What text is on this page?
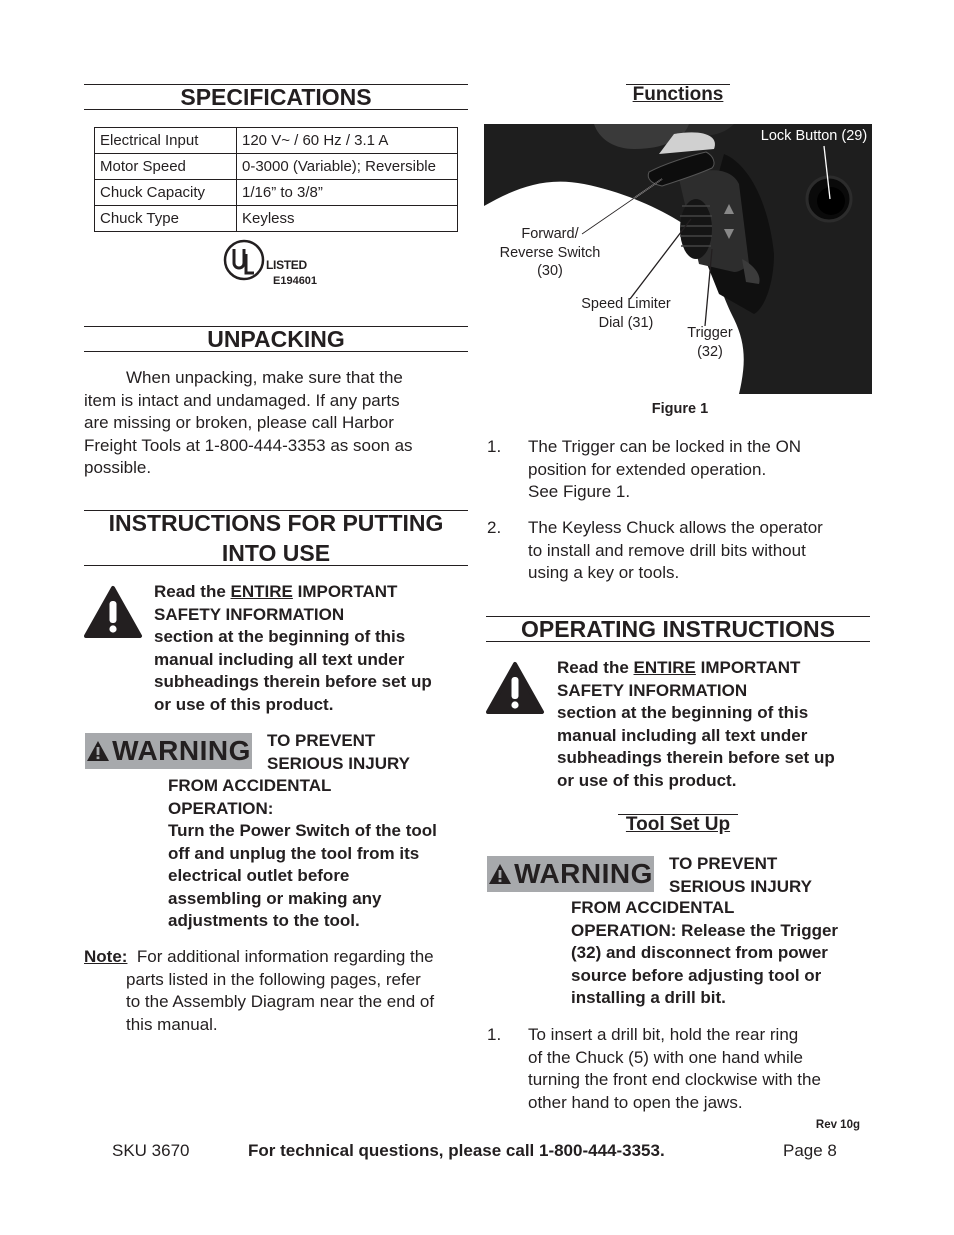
SPECIFICATIONS
Electrical Input	120 V~ / 60 Hz / 3.1 A
Motor Speed	0-3000 (Variable); Reversible
Chuck Capacity	1/16” to 3/8”
Chuck Type	Keyless
LISTED
E194601
UNPACKING
When unpacking, make sure that the
item is intact and undamaged. If any parts
are missing or broken, please call Harbor
Freight Tools at 1-800-444-3353 as soon as
possible.
INSTRUCTIONS FOR PUTTING
INTO USE
Read the ENTIRE IMPORTANT
SAFETY INFORMATION
section at the beginning of this
manual including all text under
subheadings therein before set up
or use of this product.
WARNING TO PREVENT
SERIOUS INJURY
FROM ACCIDENTAL
OPERATION:
Turn the Power Switch of the tool
off and unplug the tool from its
electrical outlet before
assembling or making any
adjustments to the tool.
Note: For additional information regarding the
parts listed in the following pages, refer
to the Assembly Diagram near the end of
this manual.
Functions
Lock Button (29)
Forward/
Reverse Switch
(30)
Speed Limiter
Dial (31)
Trigger
(32)
Figure 1
1. The Trigger can be locked in the ON
position for extended operation.
See Figure 1.
2. The Keyless Chuck allows the operator
to install and remove drill bits without
using a key or tools.
OPERATING INSTRUCTIONS
Read the ENTIRE IMPORTANT
SAFETY INFORMATION
section at the beginning of this
manual including all text under
subheadings therein before set up
or use of this product.
Tool Set Up
WARNING TO PREVENT
SERIOUS INJURY
FROM ACCIDENTAL
OPERATION: Release the Trigger
(32) and disconnect from power
source before adjusting tool or
installing a drill bit.
1. To insert a drill bit, hold the rear ring
of the Chuck (5) with one hand while
turning the front end clockwise with the
other hand to open the jaws.
Rev 10g
SKU 3670	For technical questions, please call 1-800-444-3353.	Page 8
